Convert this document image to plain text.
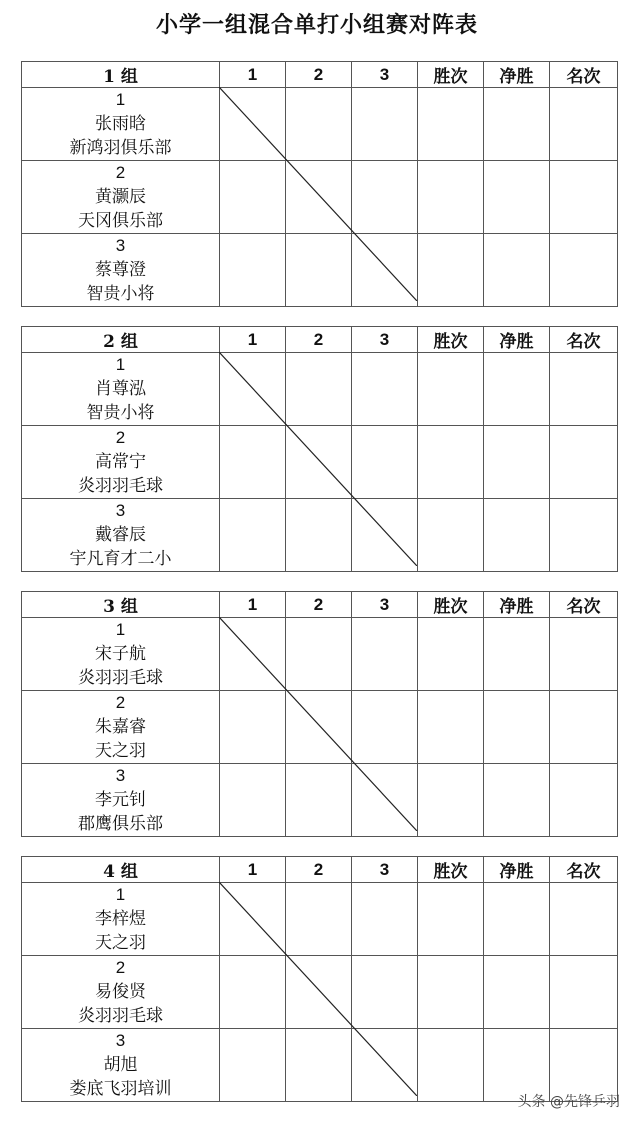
小学一组混合单打小组赛对阵表
1 组	1	2	3	胜次	净胜	名次

1
张雨晗
新鸿羽俱乐部						

2
黄灏辰
天冈俱乐部						

3
蔡尊澄
智贵小将						

2 组	1	2	3	胜次	净胜	名次

1
肖尊泓
智贵小将						

2
高常宁
炎羽羽毛球						

3
戴睿辰
宇凡育才二小						

3 组	1	2	3	胜次	净胜	名次

1
宋子航
炎羽羽毛球						

2
朱嘉睿
天之羽						

3
李元钊
郡鹰俱乐部						

4 组	1	2	3	胜次	净胜	名次

1
李梓煜
天之羽						

2
易俊贤
炎羽羽毛球						

3
胡旭
娄底飞羽培训						

头条 @先锋乒羽
